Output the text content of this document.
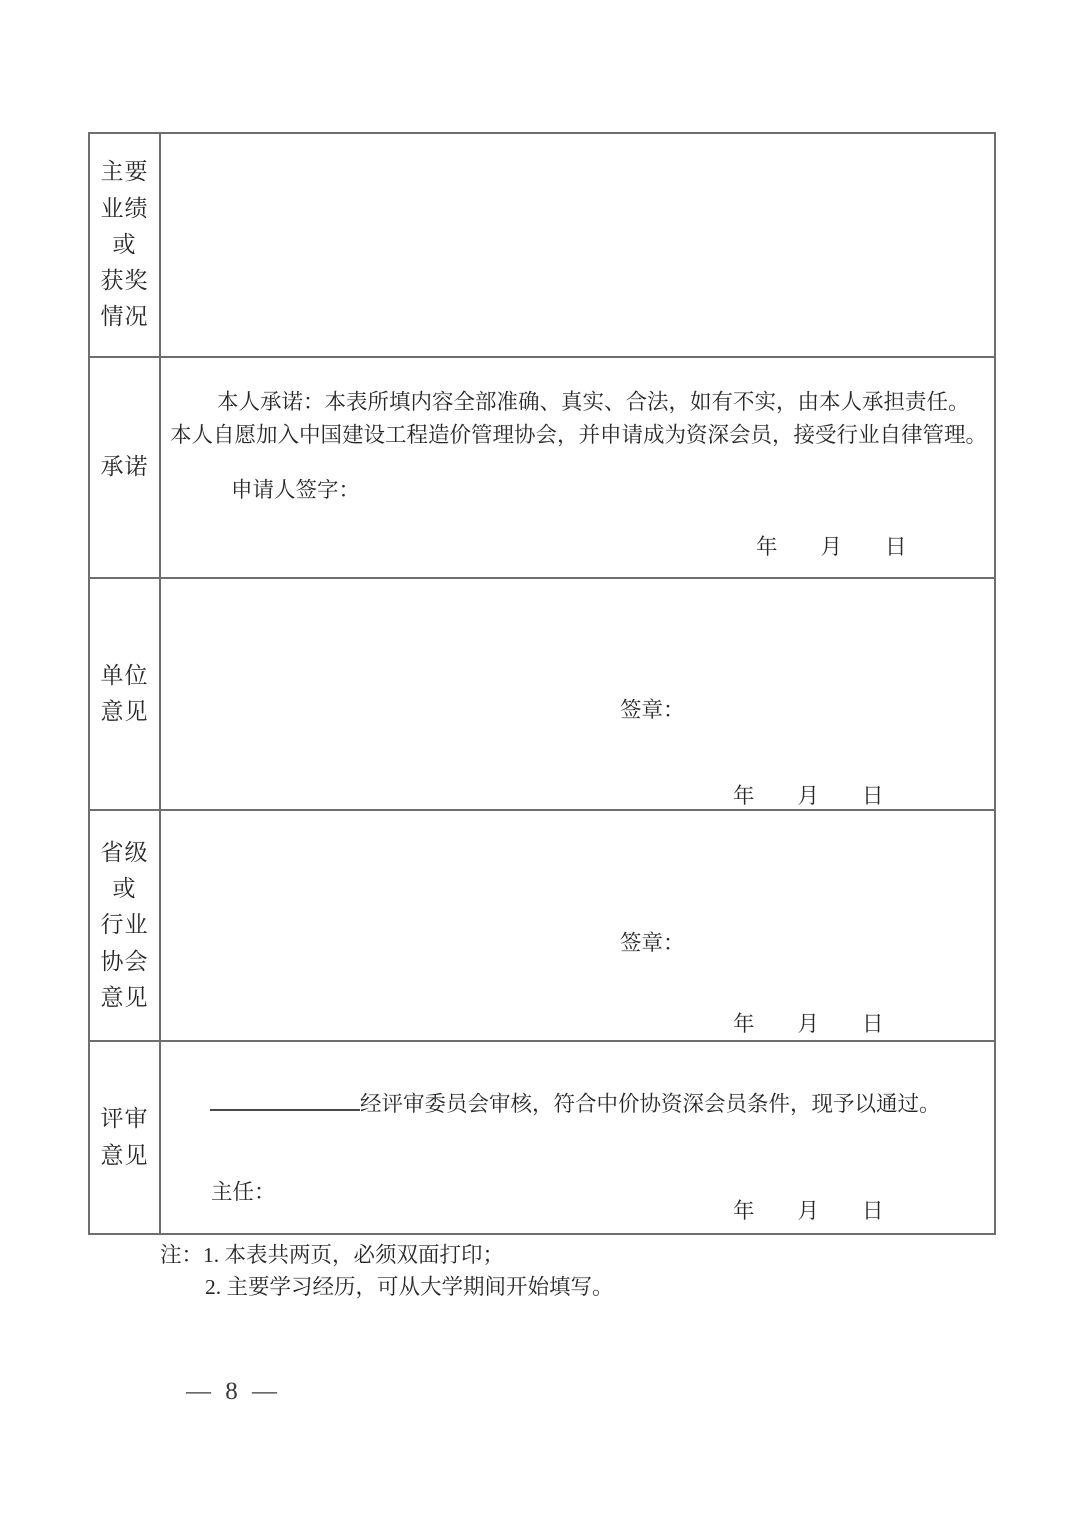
主要
业绩
或
获奖
情况
承诺
本人承诺：本表所填内容全部准确、真实、合法，如有不实，由本人承担责任。
本人自愿加入中国建设工程造价管理协会，并申请成为资深会员，接受行业自律管理。
申请人签字：
年　　月　　日
单位
意见	签章：
年　　月　　日
省级
或
行业
协会
意见
签章：
年　　月　　日
评审
意见
经评审委员会审核，符合中价协资深会员条件，现予以通过。
主任：
年　　月　　日
注：1. 本表共两页，必须双面打印；
2. 主要学习经历，可从大学期间开始填写。
— 8 —
